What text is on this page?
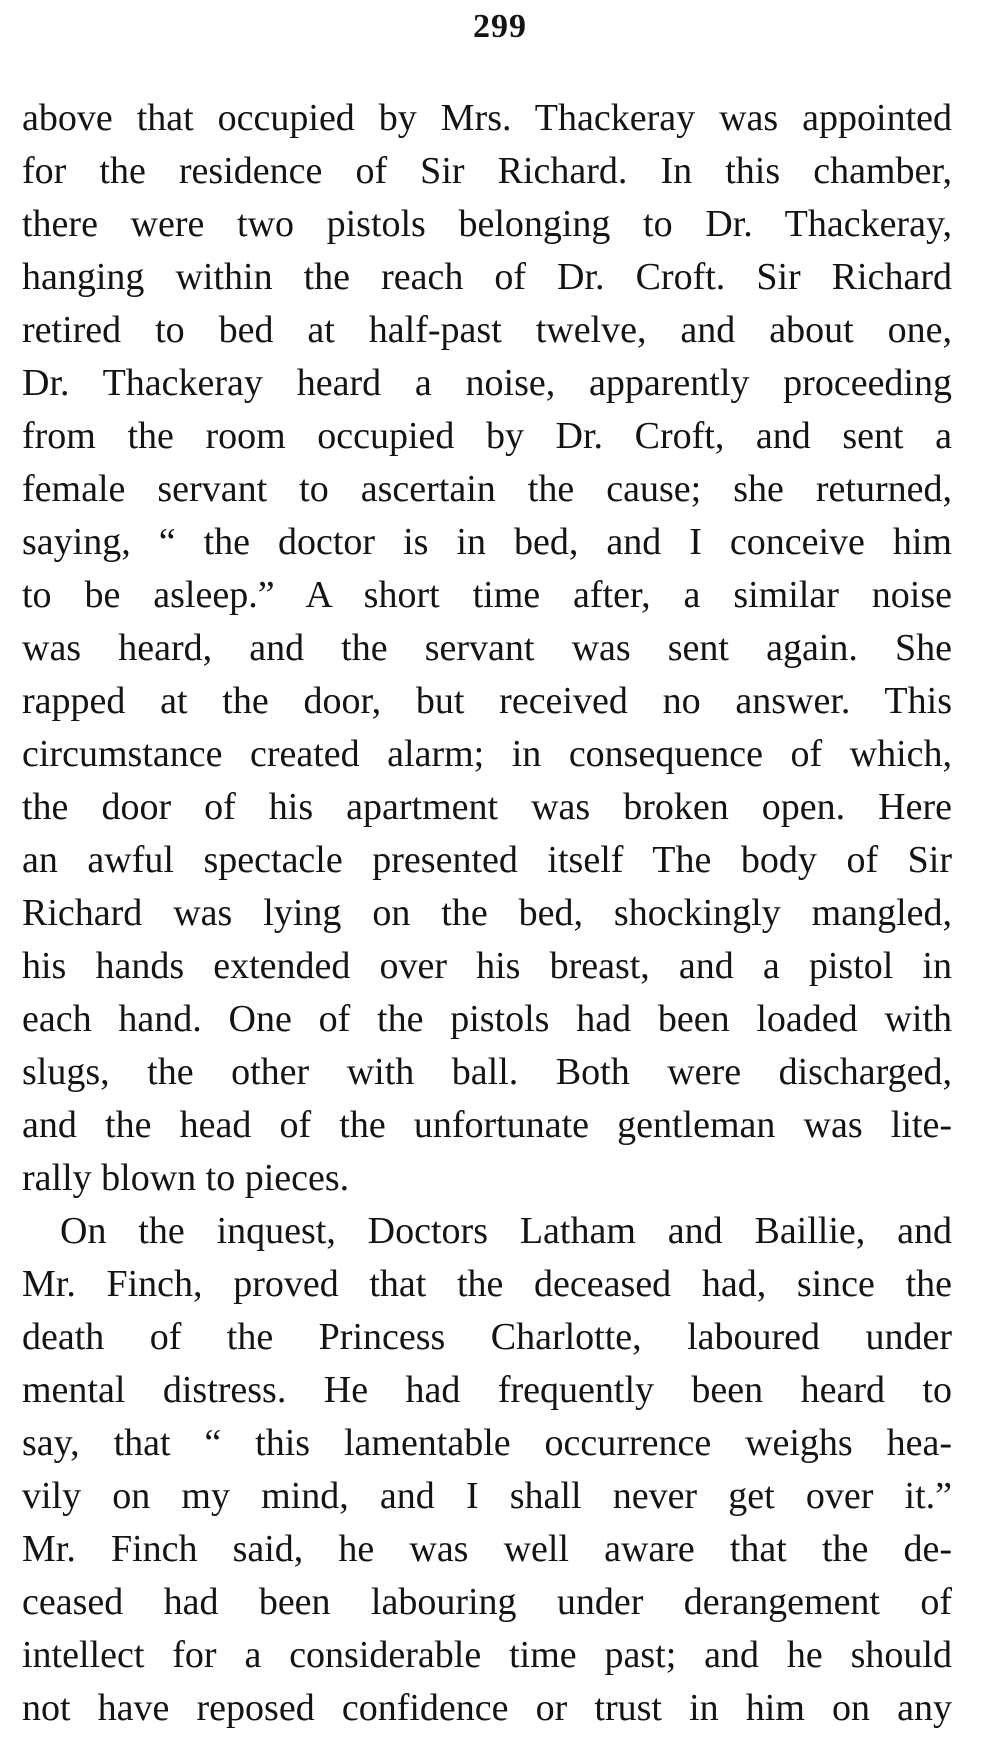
299
above that occupied by Mrs. Thackeray was appointed
for the residence of Sir Richard. In this chamber,
there were two pistols belonging to Dr. Thackeray,
hanging within the reach of Dr. Croft. Sir Richard
retired to bed at half-past twelve, and about one,
Dr. Thackeray heard a noise, apparently proceeding
from the room occupied by Dr. Croft, and sent a
female servant to ascertain the cause; she returned,
saying, “ the doctor is in bed, and I conceive him
to be asleep.” A short time after, a similar noise
was heard, and the servant was sent again. She
rapped at the door, but received no answer. This
circumstance created alarm; in consequence of which,
the door of his apartment was broken open. Here
an awful spectacle presented itself The body of Sir
Richard was lying on the bed, shockingly mangled,
his hands extended over his breast, and a pistol in
each hand. One of the pistols had been loaded with
slugs, the other with ball. Both were discharged,
and the head of the unfortunate gentleman was lite-
rally blown to pieces.
On the inquest, Doctors Latham and Baillie, and
Mr. Finch, proved that the deceased had, since the
death of the Princess Charlotte, laboured under
mental distress. He had frequently been heard to
say, that “ this lamentable occurrence weighs hea-
vily on my mind, and I shall never get over it.”
Mr. Finch said, he was well aware that the de-
ceased had been labouring under derangement of
intellect for a considerable time past; and he should
not have reposed confidence or trust in him on any
